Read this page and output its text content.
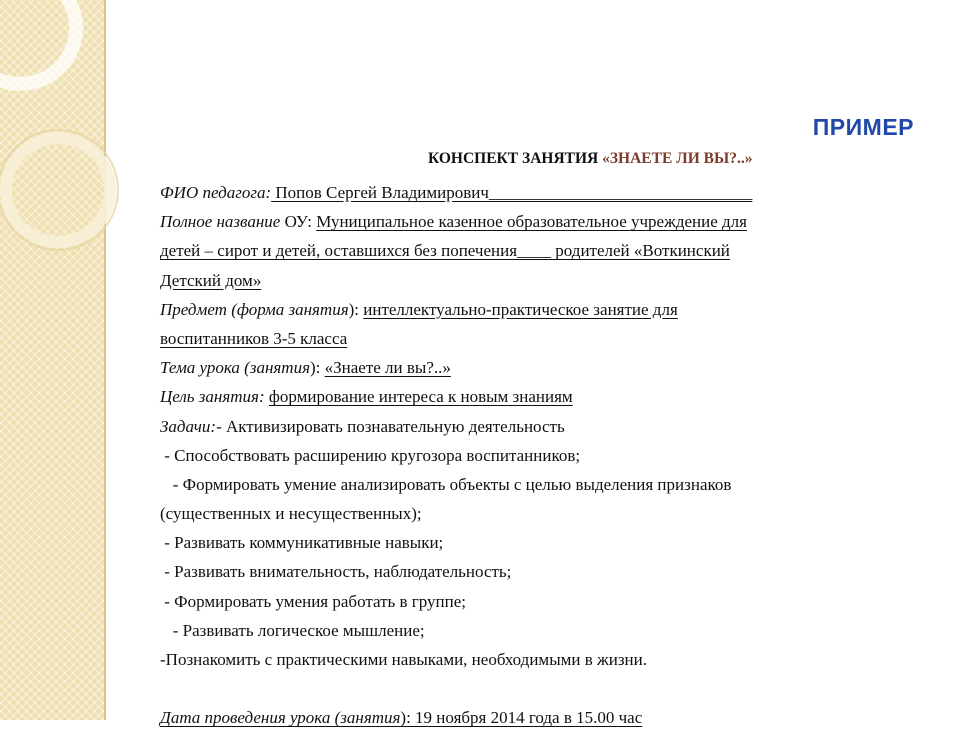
ПРИМЕР
КОНСПЕКТ ЗАНЯТИЯ «ЗНАЕТЕ ЛИ ВЫ?..»
ФИО педагога: Попов Сергей Владимирович_______________________________
Полное название ОУ: Муниципальное казенное образовательное учреждение для
детей – сирот и детей, оставшихся без попечения____ родителей «Воткинский
Детский дом»
Предмет (форма занятия): интеллектуально-практическое занятие для
воспитанников 3-5 класса
Тема урока (занятия): «Знаете ли вы?..»
Цель занятия: формирование интереса к новым знаниям
Задачи:- Активизировать познавательную деятельность
- Способствовать расширению кругозора воспитанников;
- Формировать умение анализировать объекты с целью выделения признаков
(существенных и несущественных);
- Развивать коммуникативные навыки;
- Развивать внимательность, наблюдательность;
- Формировать умения работать в группе;
- Развивать логическое мышление;
-Познакомить с практическими навыками, необходимыми в жизни.
Дата проведения урока (занятия): 19 ноября 2014 года в 15.00 час
